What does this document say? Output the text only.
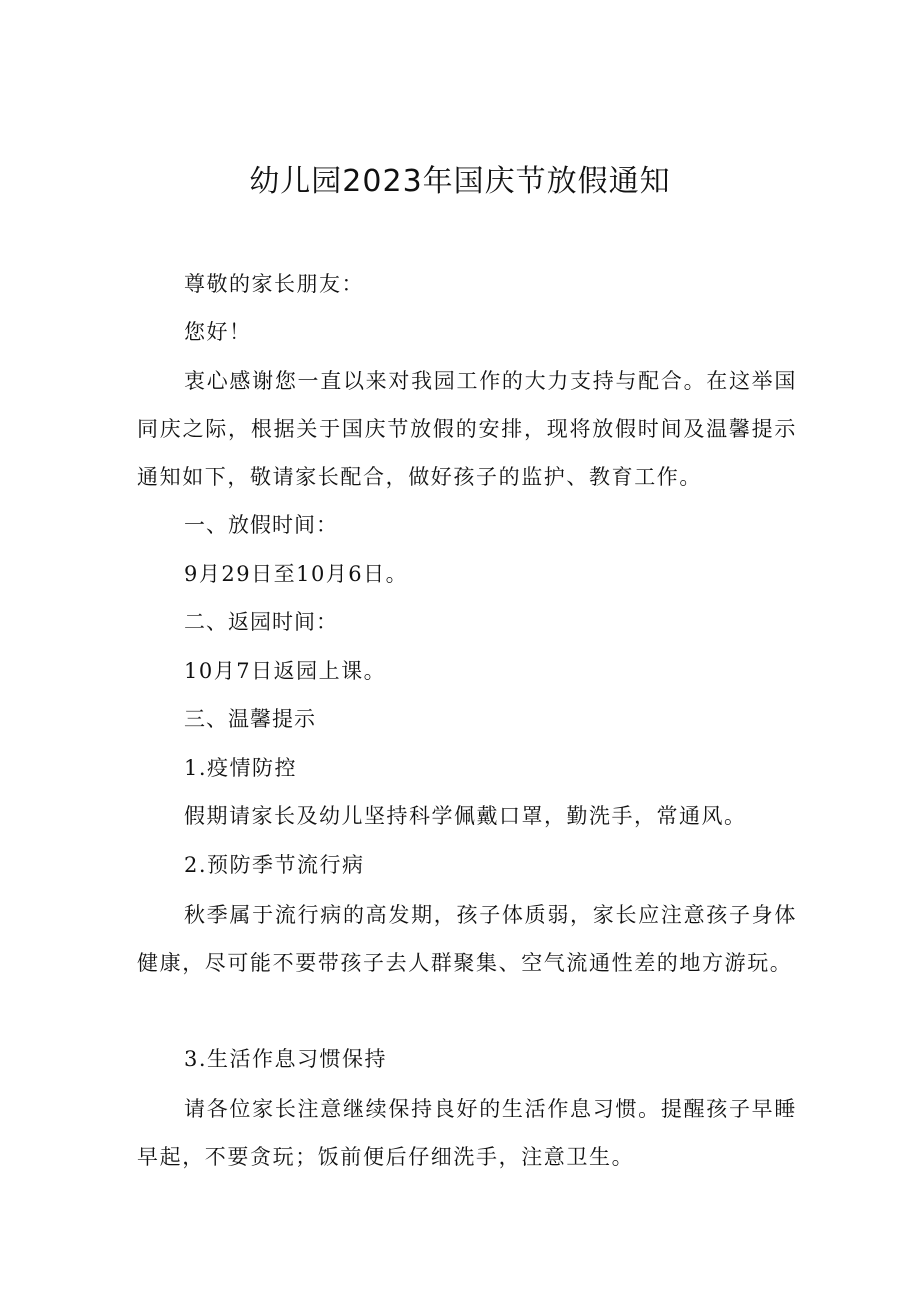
幼儿园2023年国庆节放假通知

尊敬的家长朋友：

您好！

衷心感谢您一直以来对我园工作的大力支持与配合。在这举国同庆之际，根据关于国庆节放假的安排，现将放假时间及温馨提示通知如下，敬请家长配合，做好孩子的监护、教育工作。

一、放假时间：

9月29日至10月6日。

二、返园时间：

10月7日返园上课。

三、温馨提示

1.疫情防控

假期请家长及幼儿坚持科学佩戴口罩，勤洗手，常通风。

2.预防季节流行病

秋季属于流行病的高发期，孩子体质弱，家长应注意孩子身体健康，尽可能不要带孩子去人群聚集、空气流通性差的地方游玩。

3.生活作息习惯保持

请各位家长注意继续保持良好的生活作息习惯。提醒孩子早睡早起，不要贪玩；饭前便后仔细洗手，注意卫生。
